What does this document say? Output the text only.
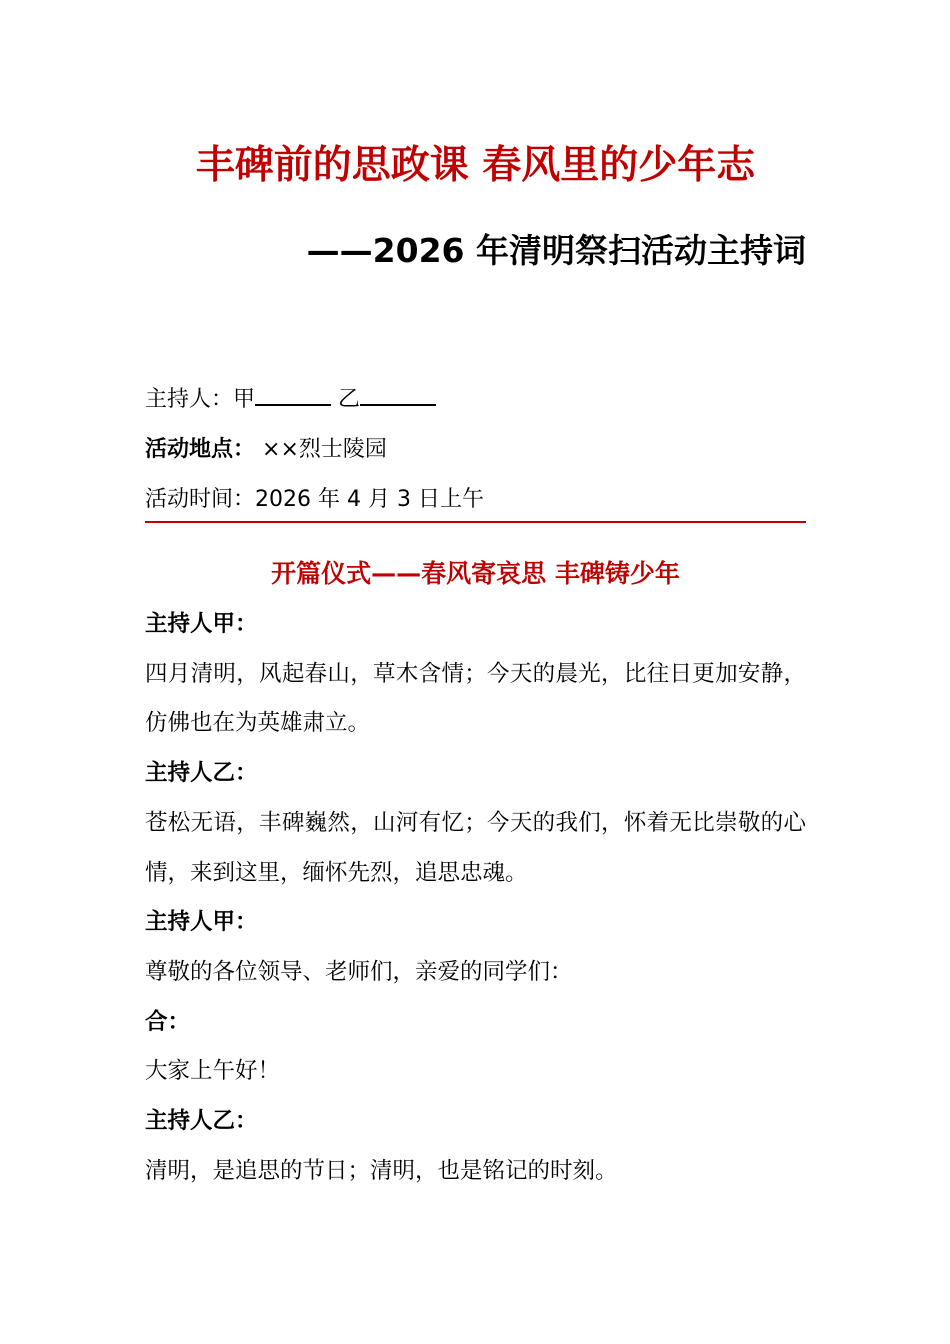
丰碑前的思政课 春风里的少年志
——2026 年清明祭扫活动主持词
主持人：甲	乙
活动地点： ××烈士陵园
活动时间：2026 年 4 月 3 日上午
开篇仪式——春风寄哀思 丰碑铸少年
主持人甲：
四月清明，风起春山，草木含情；今天的晨光，比往日更加安静，仿佛也在为英雄肃立。
主持人乙：
苍松无语，丰碑巍然，山河有忆；今天的我们，怀着无比崇敬的心情，来到这里，缅怀先烈，追思忠魂。
主持人甲：
尊敬的各位领导、老师们，亲爱的同学们：
合：
大家上午好！
主持人乙：
清明，是追思的节日；清明，也是铭记的时刻。
